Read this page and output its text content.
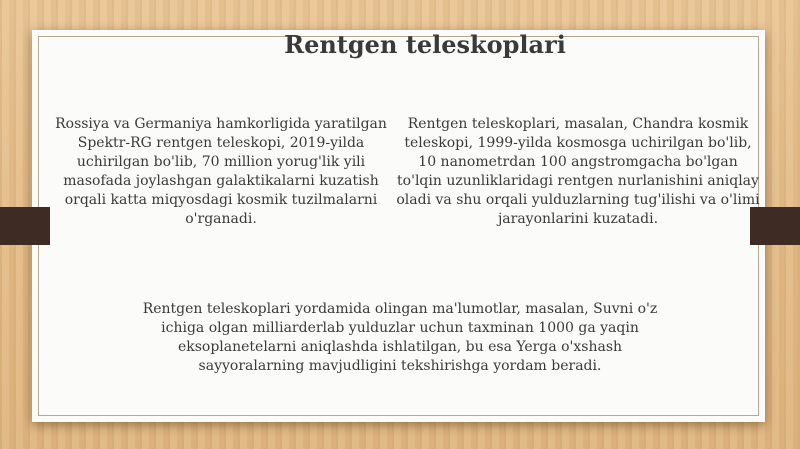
Rentgen teleskoplari

Rossiya va Germaniya hamkorligida yaratilgan Spektr-RG rentgen teleskopi, 2019-yilda uchirilgan bo'lib, 70 million yorug'lik yili masofada joylashgan galaktikalarni kuzatish orqali katta miqyosdagi kosmik tuzilmalarni o'rganadi.

Rentgen teleskoplari, masalan, Chandra kosmik teleskopi, 1999-yilda kosmosga uchirilgan bo'lib, 10 nanometrdan 100 angstromgacha bo'lgan to'lqin uzunliklaridagi rentgen nurlanishini aniqlay oladi va shu orqali yulduzlarning tug'ilishi va o'limi jarayonlarini kuzatadi.

Rentgen teleskoplari yordamida olingan ma'lumotlar, masalan, Suvni o'z ichiga olgan milliarderlab yulduzlar uchun taxminan 1000 ga yaqin eksoplanetelarni aniqlashda ishlatilgan, bu esa Yerga o'xshash sayyoralarning mavjudligini tekshirishga yordam beradi.
